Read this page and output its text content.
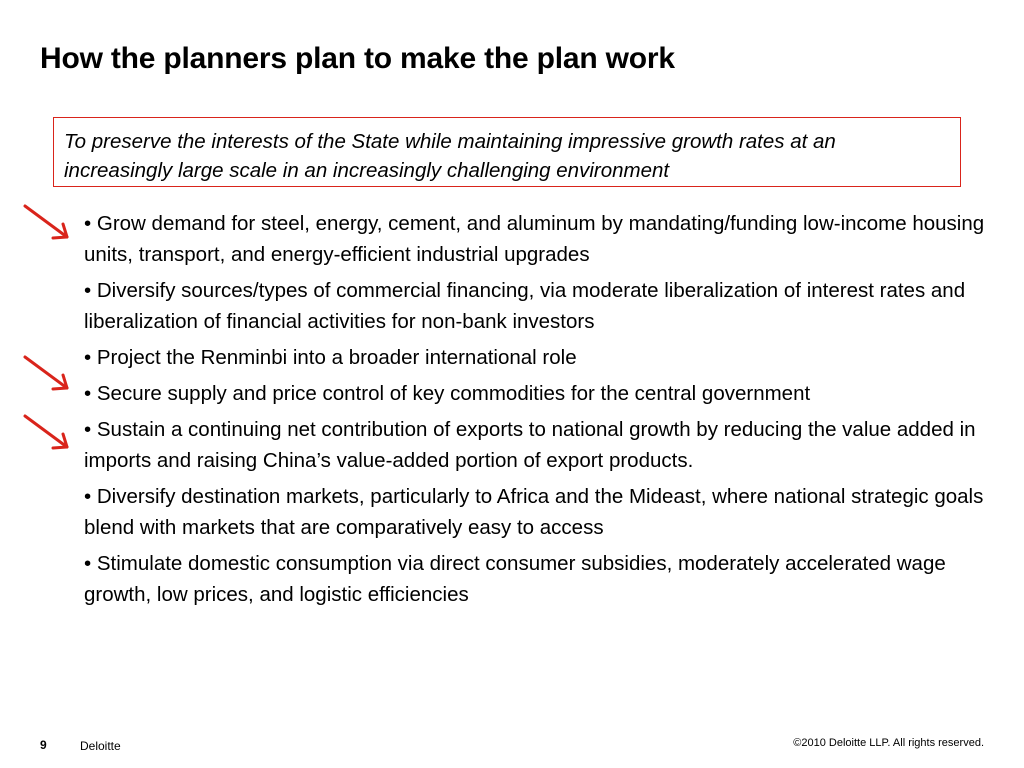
How the planners plan to make the plan work
To preserve the interests of the State while maintaining impressive growth rates at an increasingly large scale in an increasingly challenging environment
• Grow demand for steel, energy, cement, and aluminum by mandating/funding low-income housing units, transport, and energy-efficient industrial upgrades
• Diversify sources/types of commercial financing, via moderate liberalization of interest rates and liberalization of financial activities for non-bank investors
• Project the Renminbi into a broader international role
• Secure supply and price control of key commodities for the central government
• Sustain a continuing net contribution of exports to national growth by reducing the value added in imports and raising China’s value-added portion of export products.
• Diversify destination markets, particularly to Africa and the Mideast, where national strategic goals blend with markets that are comparatively easy to access
• Stimulate domestic consumption via direct consumer subsidies, moderately accelerated wage growth, low prices, and logistic efficiencies
9	Deloitte	©2010 Deloitte LLP. All rights reserved.
